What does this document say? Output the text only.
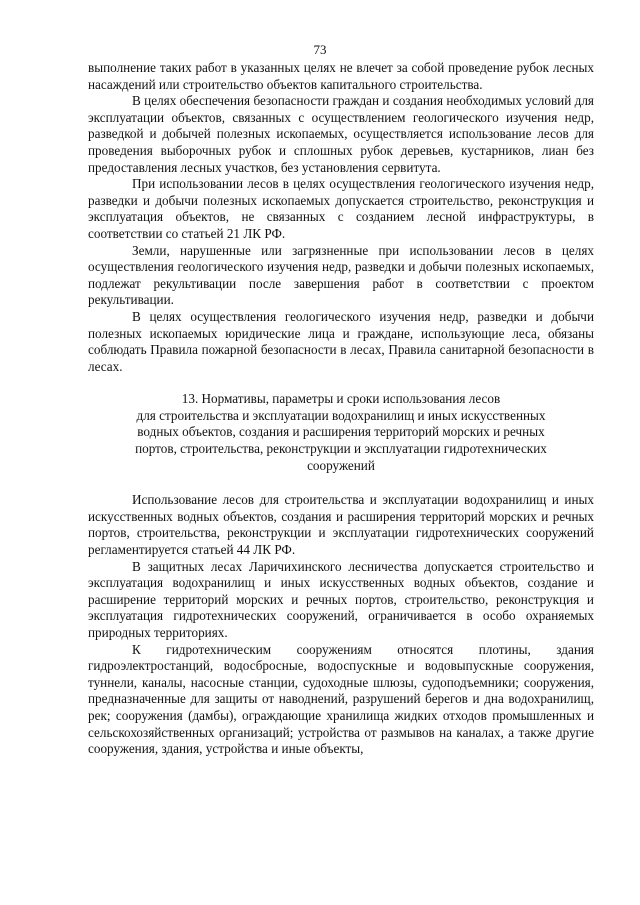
73

выполнение таких работ в указанных целях не влечет за собой проведение рубок лесных насаждений или строительство объектов капитального строительства.

В целях обеспечения безопасности граждан и создания необходимых условий для эксплуатации объектов, связанных с осуществлением геологического изучения недр, разведкой и добычей полезных ископаемых, осуществляется использование лесов для проведения выборочных рубок и сплошных рубок деревьев, кустарников, лиан без предоставления лесных участков, без установления сервитута.

При использовании лесов в целях осуществления геологического изучения недр, разведки и добычи полезных ископаемых допускается строительство, реконструкция и эксплуатация объектов, не связанных с созданием лесной инфраструктуры, в соответствии со статьей 21 ЛК РФ.

Земли, нарушенные или загрязненные при использовании лесов в целях осуществления геологического изучения недр, разведки и добычи полезных ископаемых, подлежат рекультивации после завершения работ в соответствии с проектом рекультивации.

В целях осуществления геологического изучения недр, разведки и добычи полезных ископаемых юридические лица и граждане, использующие леса, обязаны соблюдать Правила пожарной безопасности в лесах, Правила санитарной безопасности в лесах.

13. Нормативы, параметры и сроки использования лесов
для строительства и эксплуатации водохранилищ и иных искусственных
водных объектов, создания и расширения территорий морских и речных
портов, строительства, реконструкции и эксплуатации гидротехнических
сооружений

Использование лесов для строительства и эксплуатации водохранилищ и иных искусственных водных объектов, создания и расширения территорий морских и речных портов, строительства, реконструкции и эксплуатации гидротехнических сооружений регламентируется статьей 44 ЛК РФ.

В защитных лесах Ларичихинского лесничества допускается строительство и эксплуатация водохранилищ и иных искусственных водных объектов, создание и расширение территорий морских и речных портов, строительство, реконструкция и эксплуатация гидротехнических сооружений, ограничивается в особо охраняемых природных территориях.

К гидротехническим сооружениям относятся плотины, здания гидроэлектростанций, водосбросные, водоспускные и водовыпускные сооружения, туннели, каналы, насосные станции, судоходные шлюзы, судоподъемники; сооружения, предназначенные для защиты от наводнений, разрушений берегов и дна водохранилищ, рек; сооружения (дамбы), ограждающие хранилища жидких отходов промышленных и сельскохозяйственных организаций; устройства от размывов на каналах, а также другие сооружения, здания, устройства и иные объекты,
